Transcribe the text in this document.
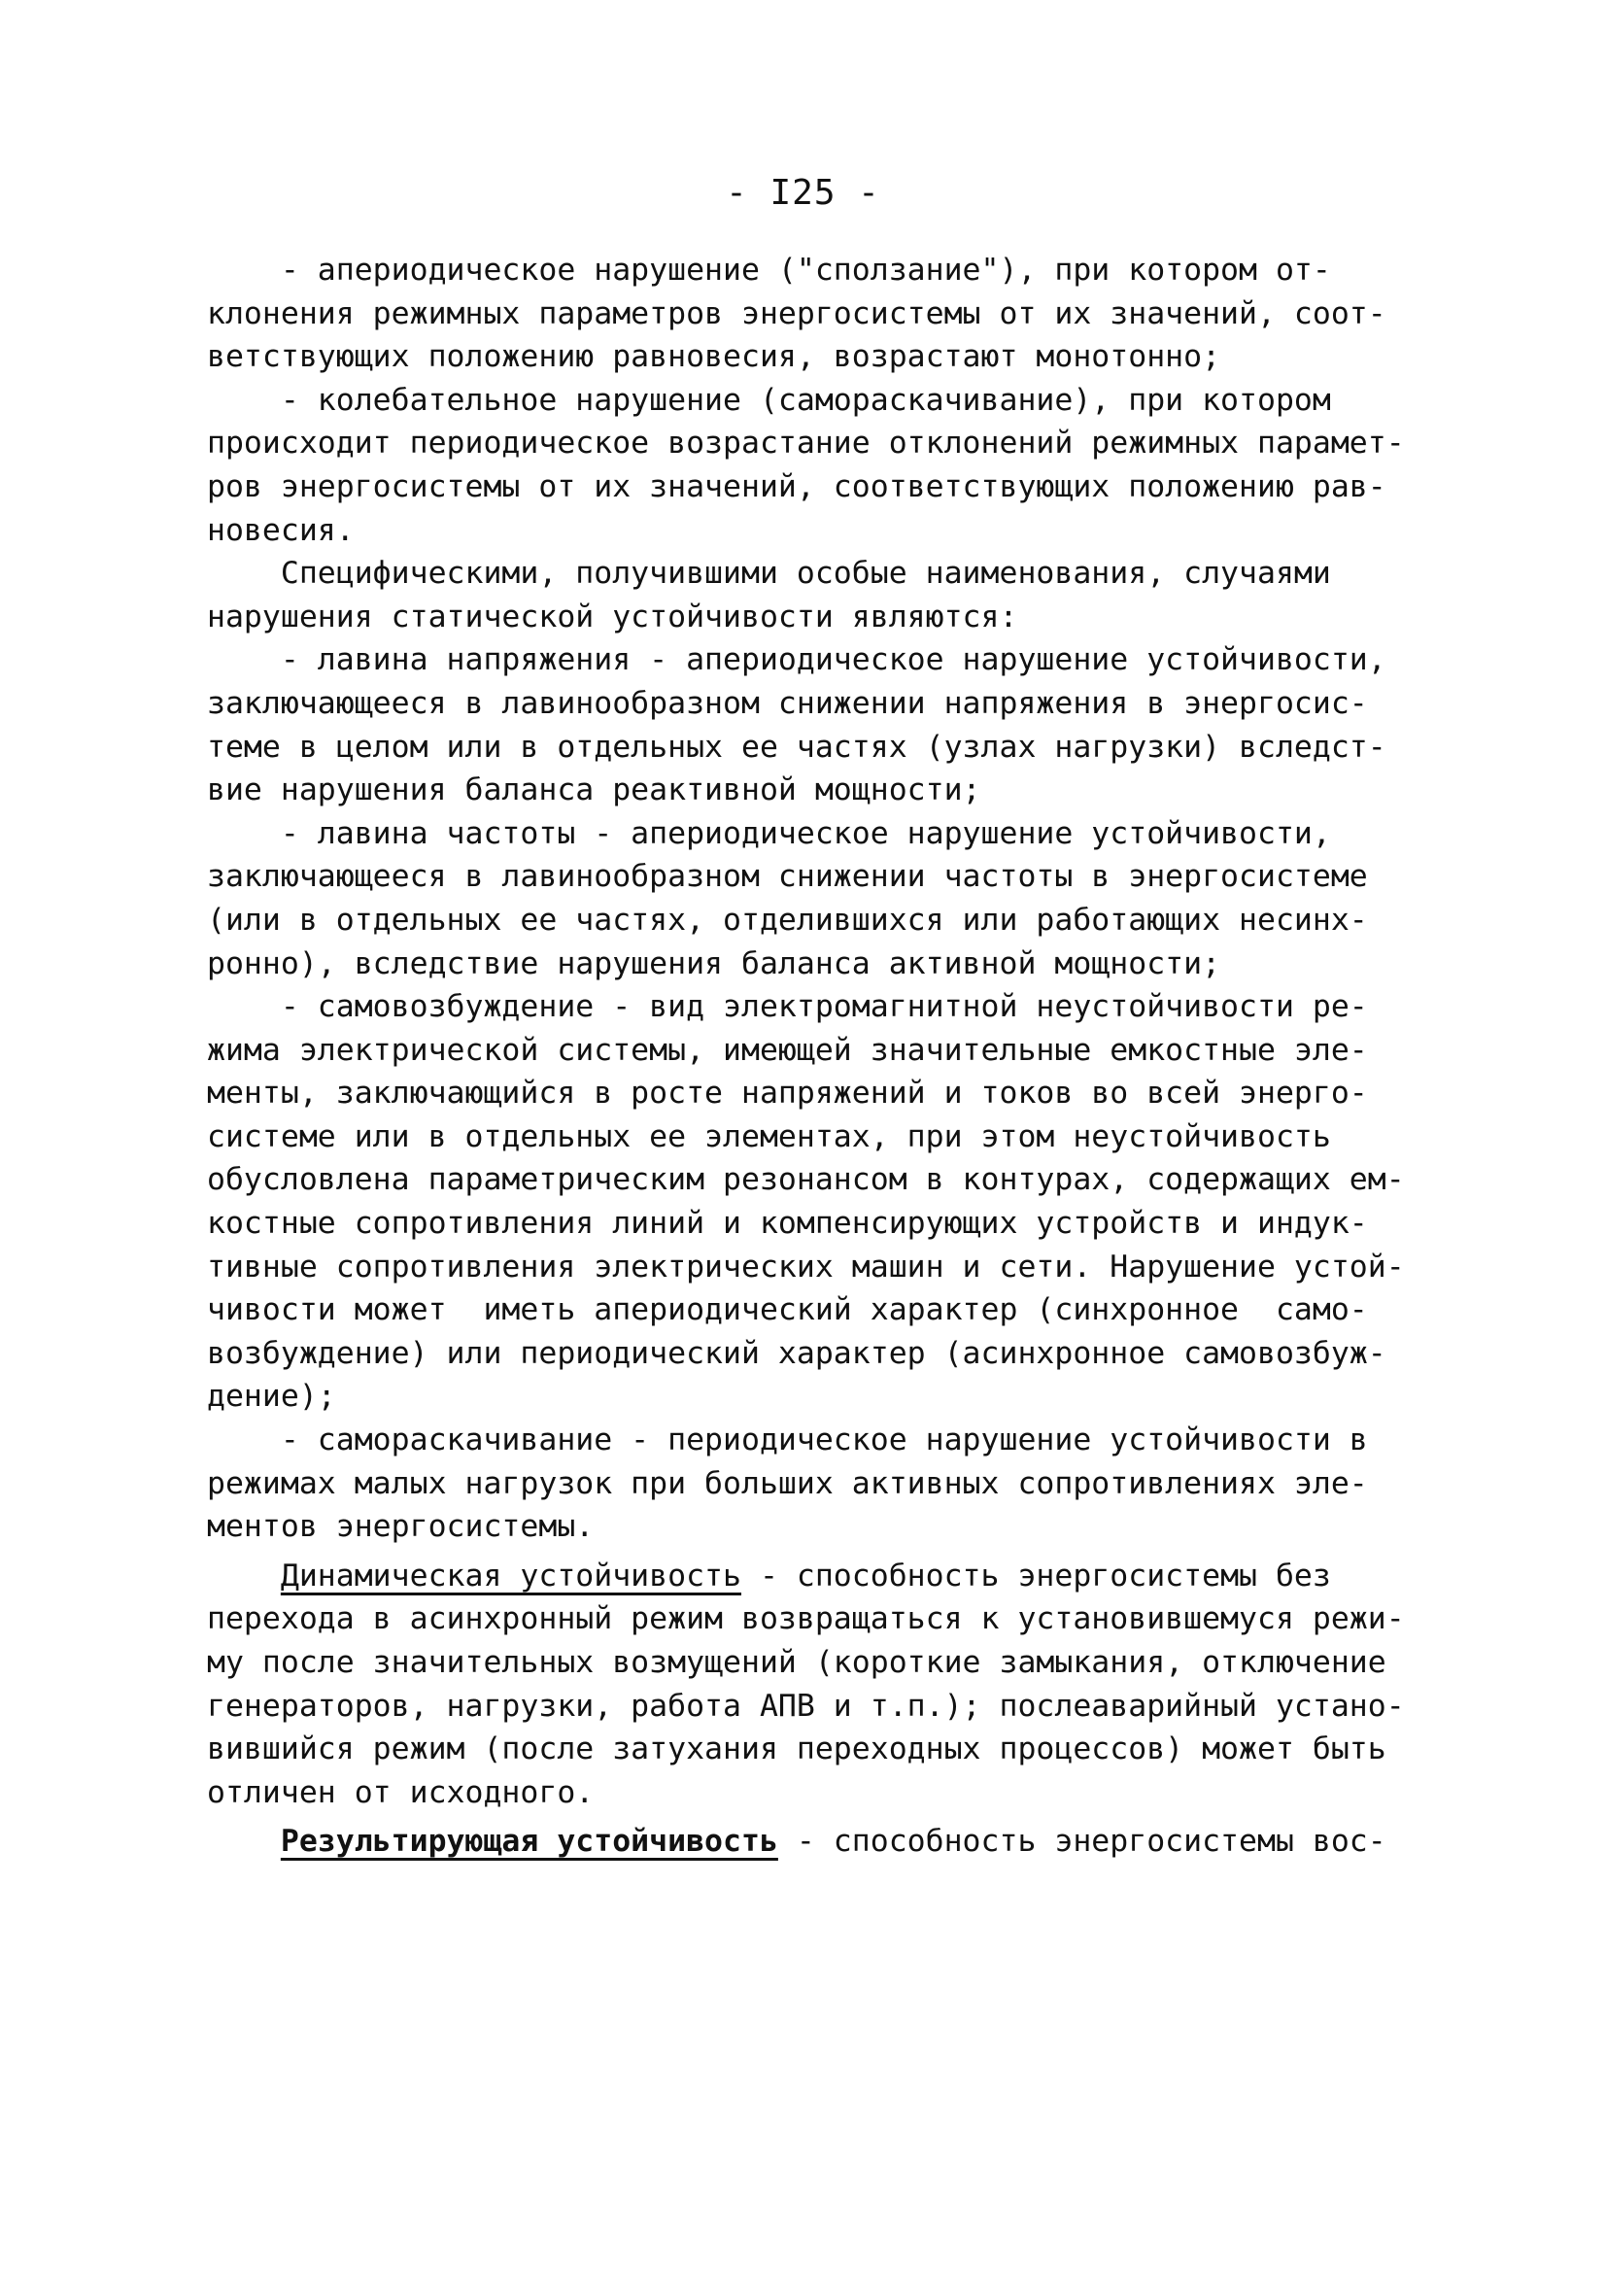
- I25 -
- апериодическое нарушение ("сползание"), при котором от-
клонения режимных параметров энергосистемы от их значений, соот-
ветствующих положению равновесия, возрастают монотонно;
- колебательное нарушение (самораскачивание), при котором
происходит периодическое возрастание отклонений режимных парамет-
ров энергосистемы от их значений, соответствующих положению рав-
новесия.
Специфическими, получившими особые наименования, случаями
нарушения статической устойчивости являются:
- лавина напряжения - апериодическое нарушение устойчивости,
заключающееся в лавинообразном снижении напряжения в энергосис-
теме в целом или в отдельных ее частях (узлах нагрузки) вследст-
вие нарушения баланса реактивной мощности;
- лавина частоты - апериодическое нарушение устойчивости,
заключающееся в лавинообразном снижении частоты в энергосистеме
(или в отдельных ее частях, отделившихся или работающих несинх-
ронно), вследствие нарушения баланса активной мощности;
- самовозбуждение - вид электромагнитной неустойчивости ре-
жима электрической системы, имеющей значительные емкостные эле-
менты, заключающийся в росте напряжений и токов во всей энерго-
системе или в отдельных ее элементах, при этом неустойчивость
обусловлена параметрическим резонансом в контурах, содержащих ем-
костные сопротивления линий и компенсирующих устройств и индук-
тивные сопротивления электрических машин и сети. Нарушение устой-
чивости может  иметь апериодический характер (синхронное  само-
возбуждение) или периодический характер (асинхронное самовозбуж-
дение);
- самораскачивание - периодическое нарушение устойчивости в
режимах малых нагрузок при больших активных сопротивлениях эле-
ментов энергосистемы.
Динамическая устойчивость - способность энергосистемы без
перехода в асинхронный режим возвращаться к установившемуся режи-
му после значительных возмущений (короткие замыкания, отключение
генераторов, нагрузки, работа АПВ и т.п.); послеаварийный устано-
вившийся режим (после затухания переходных процессов) может быть
отличен от исходного.
Результирующая устойчивость - способность энергосистемы вос-
